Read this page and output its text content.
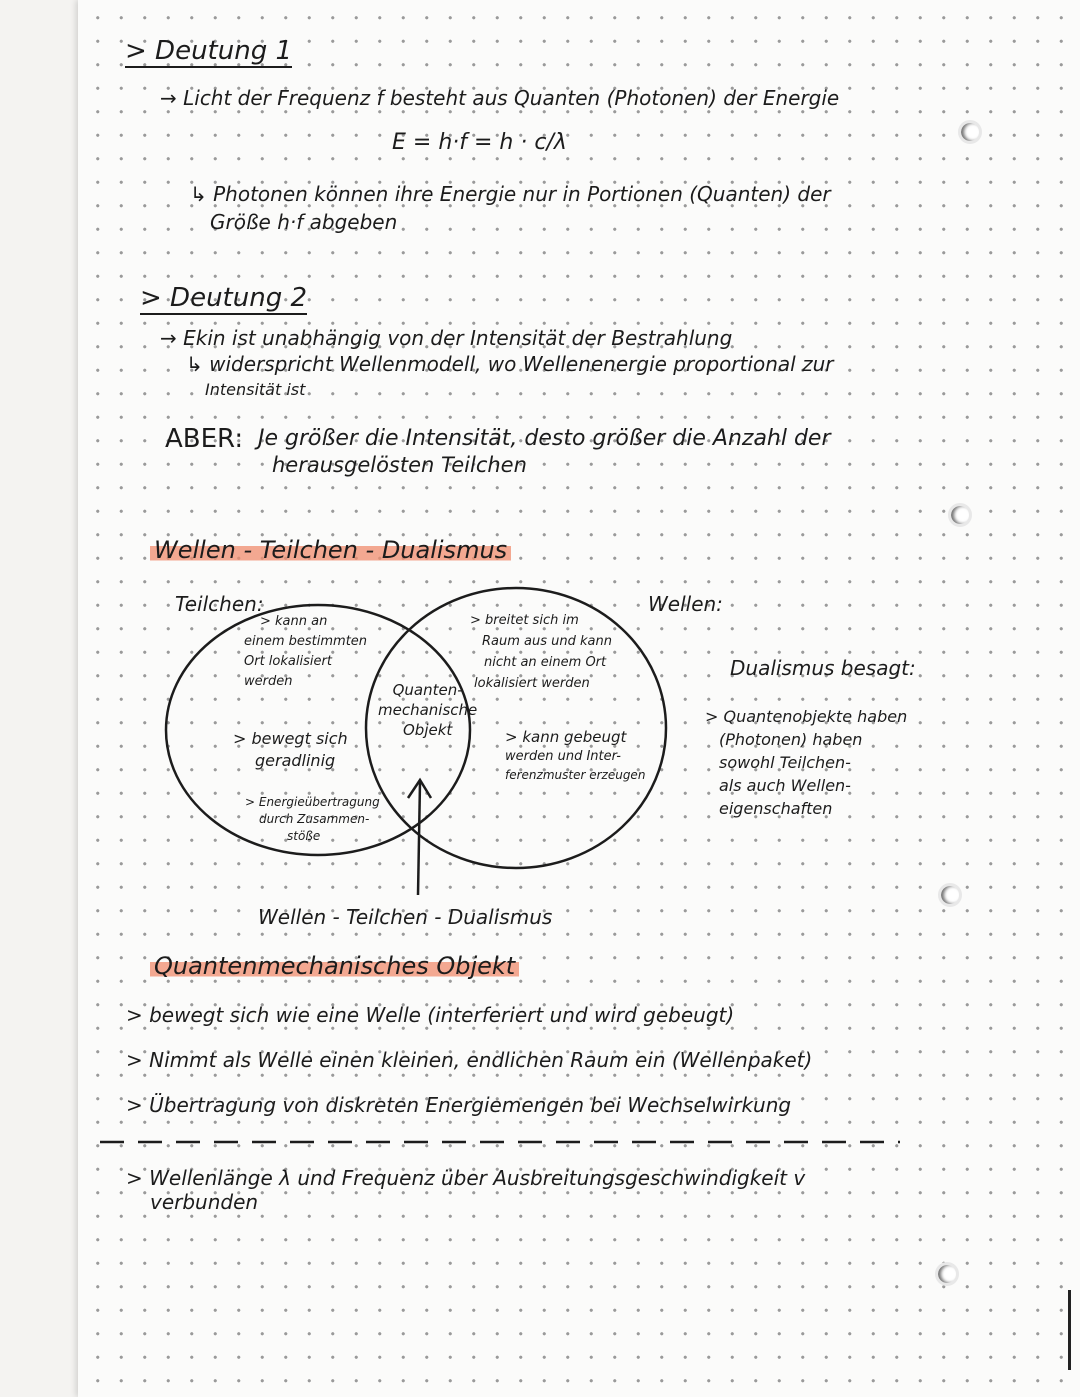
> Deutung 1
→ Licht der Frequenz f besteht aus Quanten (Photonen) der Energie
E = h·f = h · c/λ
↳ Photonen können ihre Energie nur in Portionen (Quanten) der
Größe h·f abgeben
> Deutung 2
→ Ekin ist unabhängig von der Intensität der Bestrahlung
↳ widerspricht Wellenmodell, wo Wellenenergie proportional zur
Intensität ist
ABER: Je größer die Intensität, desto größer die Anzahl der
herausgelösten Teilchen
Wellen - Teilchen - Dualismus
Teilchen:	Wellen:
> kann an
einem bestimmten
Ort lokalisiert
werden
> bewegt sich
geradlinig
> Energieübertragung
durch Zusammen-
stöße
Quanten-
mechanische
Objekt
> breitet sich im
Raum aus und kann
nicht an einem Ort
lokalisiert werden
> kann gebeugt
werden und Inter-
ferenzmuster erzeugen
Wellen - Teilchen - Dualismus
Dualismus besagt:
> Quantenobjekte haben
(Photonen) haben
sowohl Teilchen-
als auch Wellen-
eigenschaften
Quantenmechanisches Objekt
> bewegt sich wie eine Welle (interferiert und wird gebeugt)
> Nimmt als Welle einen kleinen, endlichen Raum ein (Wellenpaket)
> Übertragung von diskreten Energiemengen bei Wechselwirkung
> Wellenlänge λ und Frequenz über Ausbreitungsgeschwindigkeit v
verbunden
